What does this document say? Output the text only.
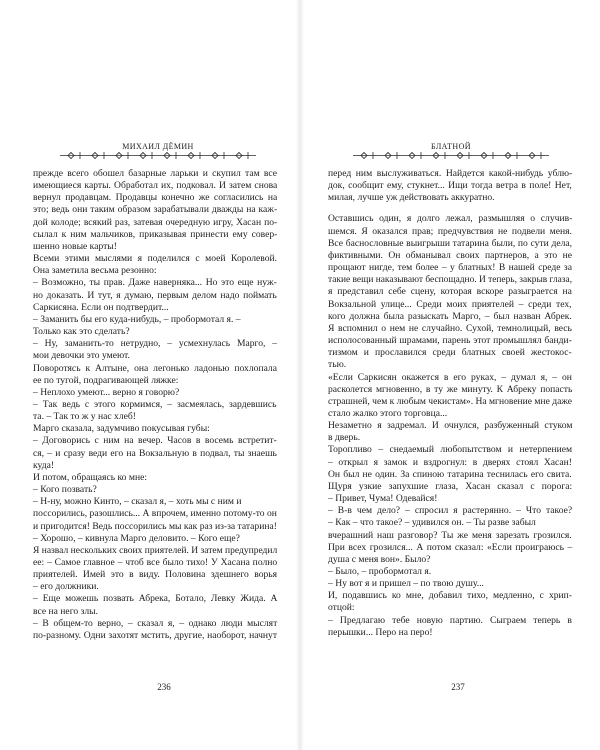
МИХАИЛ ДЁМИН

прежде всего обошел базарные ларьки и скупил там все

имеющиеся карты. Обработал их, подковал. И затем снова

вернул продавцам. Продавцы конечно же согласились на

это; ведь они таким образом зарабатывали дважды на каж-

дой колоде; всякий раз, затевая очередную игру, Хасан по-

сылал к ним мальчиков, приказывая принести ему совер-

шенно новые карты!

Всеми этими мыслями я поделился с моей Королевой.

Она заметила весьма резонно:

– Возможно, ты прав. Даже наверняка... Но это еще нуж-

но доказать. И тут, я думаю, первым делом надо поймать

Саркисяна. Если он подтвердит...

– Заманить бы его куда-нибудь, – пробормотал я. –

Только как это сделать?

– Ну, заманить-то нетрудно, – усмехнулась Марго, –

мои девочки это умеют.

Поворотясь к Алтыне, она легонько ладонью похлопала

ее по тугой, подрагивающей ляжке:

– Неплохо умеют... верно я говорю?

– Так ведь с этого кормимся, – засмеялась, зардевшись

та. – Так то ж у нас хлеб!

Марго сказала, задумчиво покусывая губы:

– Договорись с ним на вечер. Часов в восемь встретит-

ся, – и сразу веди его на Вокзальную в подвал, ты знаешь

куда!

И потом, обращаясь ко мне:

– Кого позвать?

– Н-ну, можно Кинто, – сказал я, – хоть мы с ним и

поссорились, разошлись... А впрочем, именно потому-то он

и пригодится! Ведь поссорились мы как раз из-за татарина!

– Хорошо, – кивнула Марго деловито. – Кого еще?

Я назвал нескольких своих приятелей. И затем предупредил

ее: – Самое главное – чтоб все было тихо! У Хасана полно

приятелей. Имей это в виду. Половина здешнего ворья

– его должники.

– Еще можешь позвать Абрека, Ботало, Левку Жида. А

все на него злы.

– В общем-то верно, – сказал я, – однако люди мыслят

по-разному. Одни захотят мстить, другие, наоборот, начнут

236
БЛАТНОЙ

перед ним выслуживаться. Найдется какой-нибудь ублю-

док, сообщит ему, стукнет... Ищи тогда ветра в поле! Нет,

милая, лучше уж действовать аккуратно.

Оставшись один, я долго лежал, размышляя о случив-

шемся. Я оказался прав; предчувствия не подвели меня.

Все баснословные выигрыши татарина были, по сути дела,

фиктивными. Он обманывал своих партнеров, а это не

прощают нигде, тем более – у блатных! В нашей среде за

такие вещи наказывают беспощадно. И теперь, закрыв глаза,

я представил себе сцену, которая вскоре разыграется на

Вокзальной улице... Среди моих приятелей – среди тех,

кого должна была разыскать Марго, – был назван Абрек.

Я вспомнил о нем не случайно. Сухой, темнолицый, весь

исполосованный шрамами, парень этот промышлял банди-

тизмом и прославился среди блатных своей жестокос-

тью.

«Если Саркисян окажется в его руках, – думал я, – он

расколется мгновенно, в ту же минуту. К Абреку попасть

страшней, чем к любым чекистам». На мгновение мне даже

стало жалко этого торговца...

Незаметно я задремал. И очнулся, разбуженный стуком

в дверь.

Торопливо – снедаемый любопытством и нетерпением

– открыл я замок и вздрогнул: в дверях стоял Хасан!

Он был не один. За спиною татарина теснилась его свита.

Щуря узкие запухшие глаза, Хасан сказал с порога:

– Привет, Чума! Одевайся!

– В-в чем дело? – спросил я растерянно. – Что такое?

– Как – что такое? – удивился он. – Ты разве забыл

вчерашний наш разговор? Ты же меня зарезать грозился.

При всех грозился... А потом сказал: «Если проиграюсь –

душа с меня вон». Было?

– Было, – пробормотал я.

– Ну вот я и пришел – по твою душу...

И, подавшись ко мне, добавил тихо, медленно, с хрип-

отцой:

– Предлагаю тебе новую партию. Сыграем теперь в

перышки... Перо на перо!

237
